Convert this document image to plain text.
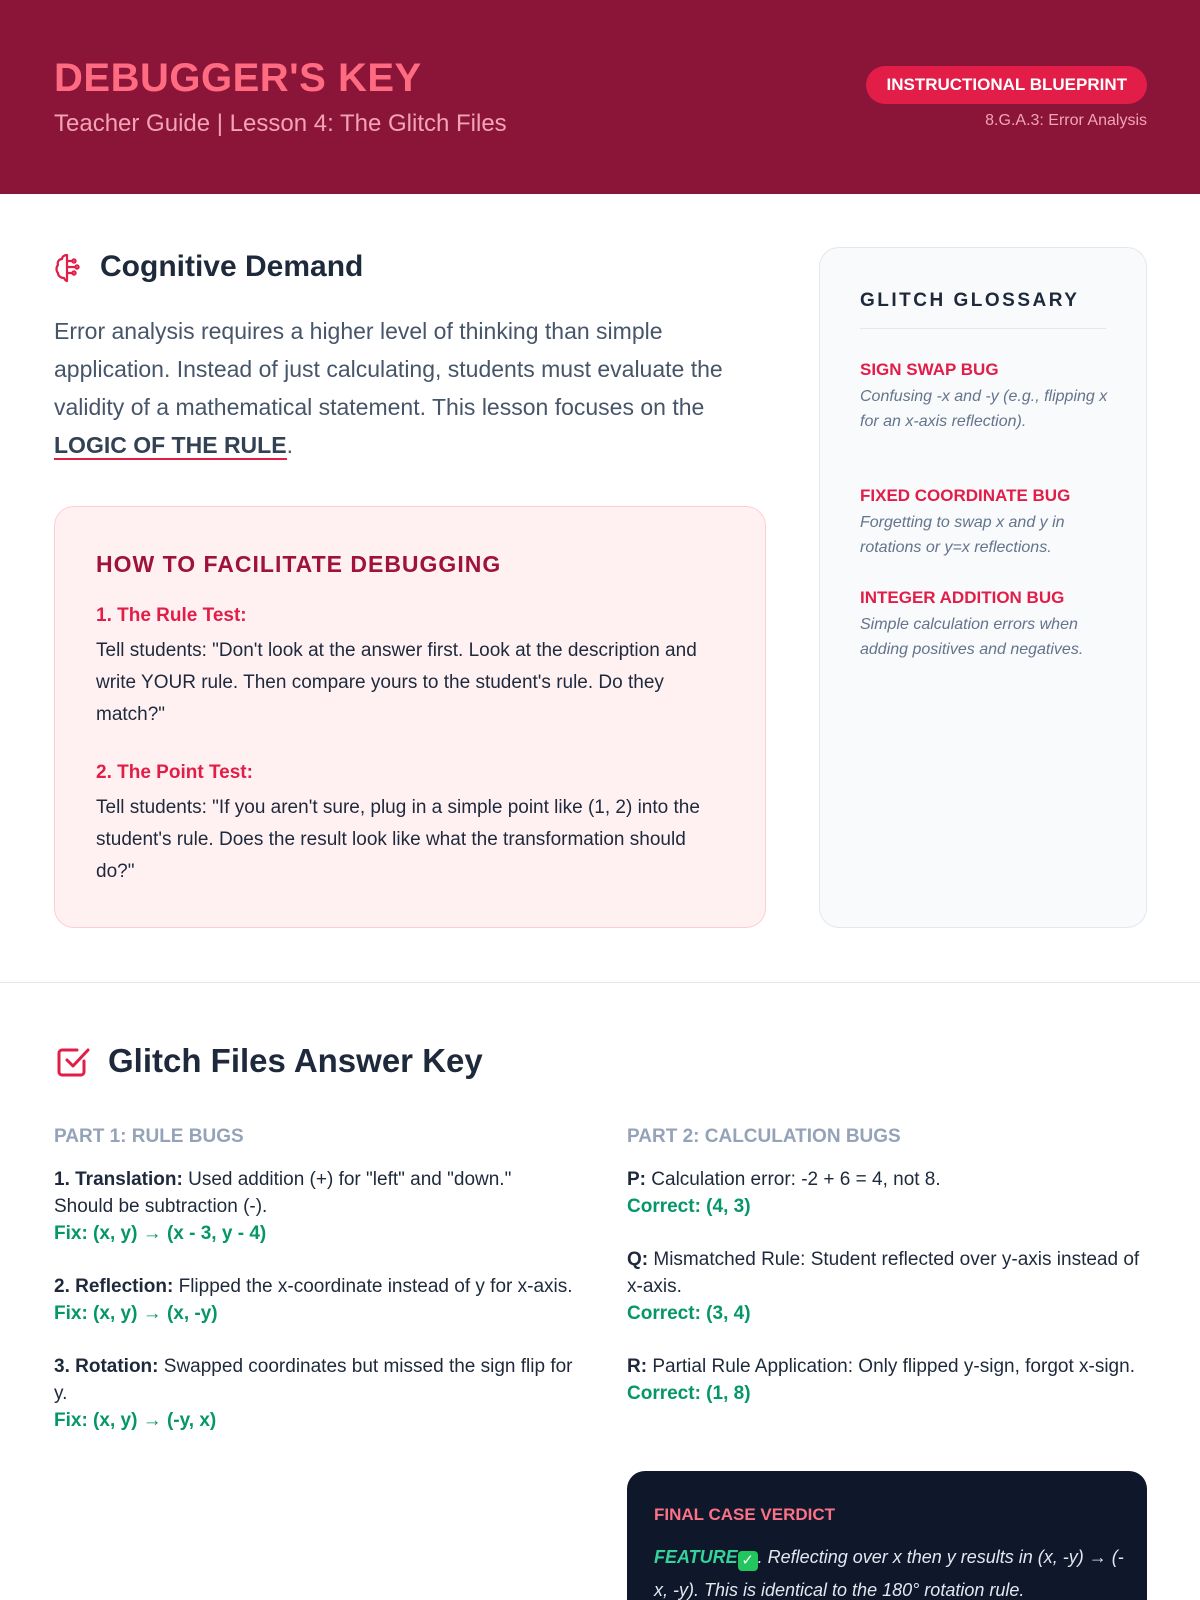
DEBUGGER'S KEY
Teacher Guide | Lesson 4: The Glitch Files
INSTRUCTIONAL BLUEPRINT
8.G.A.3: Error Analysis
Cognitive Demand

Error analysis requires a higher level of thinking than simple application. Instead of just calculating, students must evaluate the validity of a mathematical statement. This lesson focuses on the LOGIC OF THE RULE.

HOW TO FACILITATE DEBUGGING
1. The Rule Test:
Tell students: "Don't look at the answer first. Look at the description and write YOUR rule. Then compare yours to the student's rule. Do they match?"
2. The Point Test:
Tell students: "If you aren't sure, plug in a simple point like (1, 2) into the student's rule. Does the result look like what the transformation should do?"
GLITCH GLOSSARY
SIGN SWAP BUG
Confusing -x and -y (e.g., flipping x for an x-axis reflection).
FIXED COORDINATE BUG
Forgetting to swap x and y in rotations or y=x reflections.
INTEGER ADDITION BUG
Simple calculation errors when adding positives and negatives.
Glitch Files Answer Key
PART 1: RULE BUGS
1. Translation: Used addition (+) for "left" and "down." Should be subtraction (-).
Fix: (x, y) → (x - 3, y - 4)
2. Reflection: Flipped the x-coordinate instead of y for x-axis.
Fix: (x, y) → (x, -y)
3. Rotation: Swapped coordinates but missed the sign flip for y.
Fix: (x, y) → (-y, x)
PART 2: CALCULATION BUGS
P: Calculation error: -2 + 6 = 4, not 8.
Correct: (4, 3)
Q: Mismatched Rule: Student reflected over y-axis instead of x-axis.
Correct: (3, 4)
R: Partial Rule Application: Only flipped y-sign, forgot x-sign.
Correct: (1, 8)
FINAL CASE VERDICT
FEATURE ✓ . Reflecting over x then y results in (x, -y) → (-x, -y). This is identical to the 180° rotation rule.
